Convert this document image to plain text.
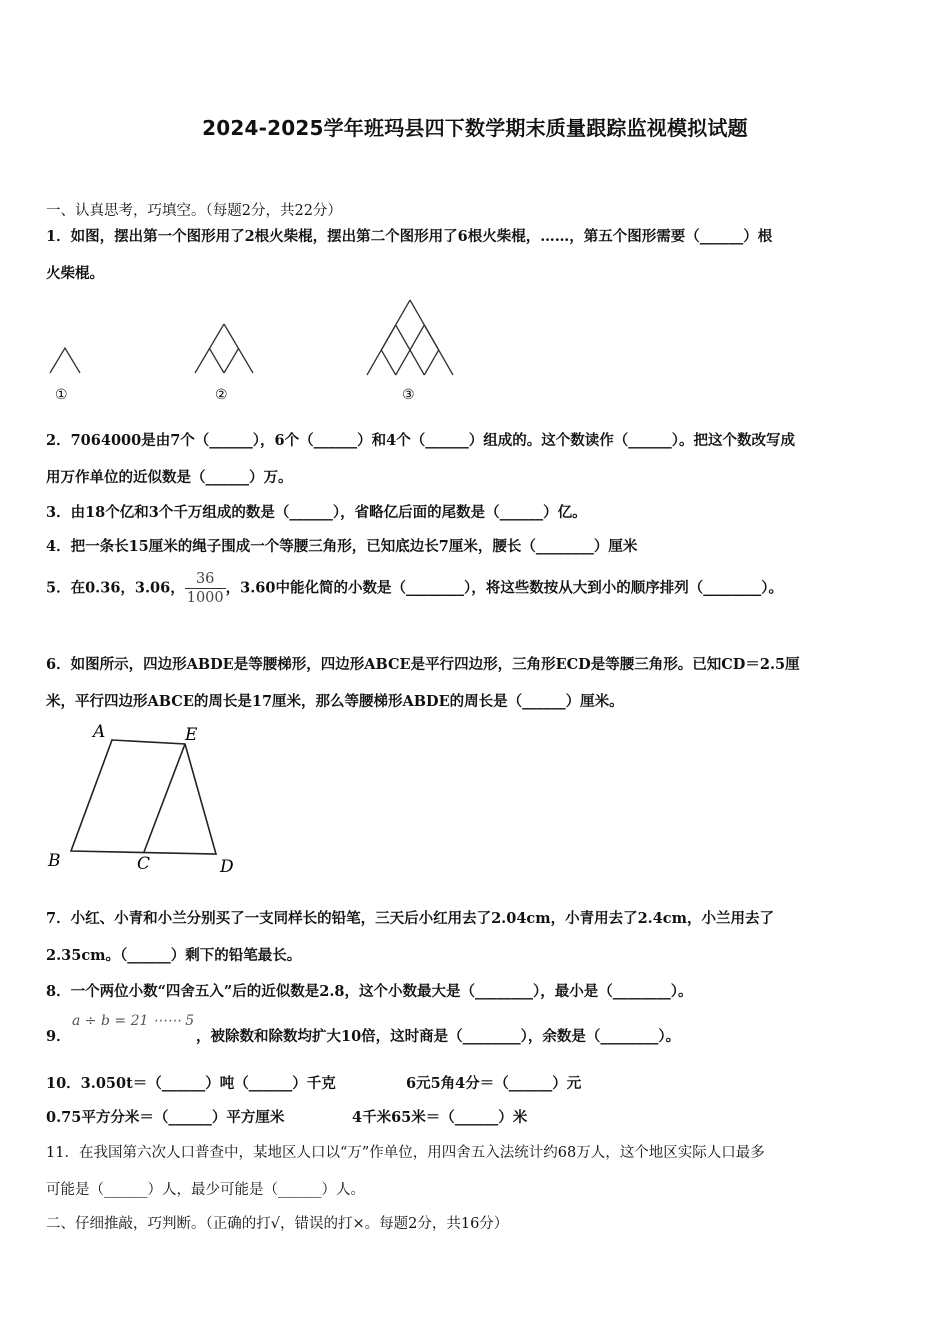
2024-2025学年班玛县四下数学期末质量跟踪监视模拟试题
一、认真思考，巧填空。（每题2分，共22分）
1．如图，摆出第一个图形用了2根火柴棍，摆出第二个图形用了6根火柴棍，……，第五个图形需要（______）根
火柴棍。
①	②	③
2．7064000是由7个（______），6个（______）和4个（______）组成的。这个数读作（______）。把这个数改写成
用万作单位的近似数是（______）万。
3．由18个亿和3个千万组成的数是（______），省略亿后面的尾数是（______）亿。
4．把一条长15厘米的绳子围成一个等腰三角形，已知底边长7厘米，腰长（________）厘米
5．在0.36，3.06， $\frac{36}{1000}$ ，3.60中能化简的小数是（________），将这些数按从大到小的顺序排列（________）。
6．如图所示，四边形ABDE是等腰梯形，四边形ABCE是平行四边形，三角形ECD是等腰三角形。已知CD＝2.5厘
米，平行四边形ABCE的周长是17厘米，那么等腰梯形ABDE的周长是（______）厘米。
A	E
B	C	D
7．小红、小青和小兰分别买了一支同样长的铅笔，三天后小红用去了2.04cm，小青用去了2.4cm，小兰用去了
2.35cm。（______）剩下的铅笔最长。
8．一个两位小数“四舍五入”后的近似数是2.8，这个小数最大是（________），最小是（________）。
9．
a ÷ b = 21 ⋯⋯ 5
，被除数和除数均扩大10倍，这时商是（________），余数是（________）。
10．3.050t＝（______）吨（______）千克	6元5角4分＝（______）元
0.75平方分米＝（______）平方厘米	4千米65米＝（______）米
11．在我国第六次人口普查中，某地区人口以“万”作单位，用四舍五入法统计约68万人，这个地区实际人口最多
可能是（______）人，最少可能是（______）人。
二、仔细推敲，巧判断。（正确的打√，错误的打×。每题2分，共16分）
